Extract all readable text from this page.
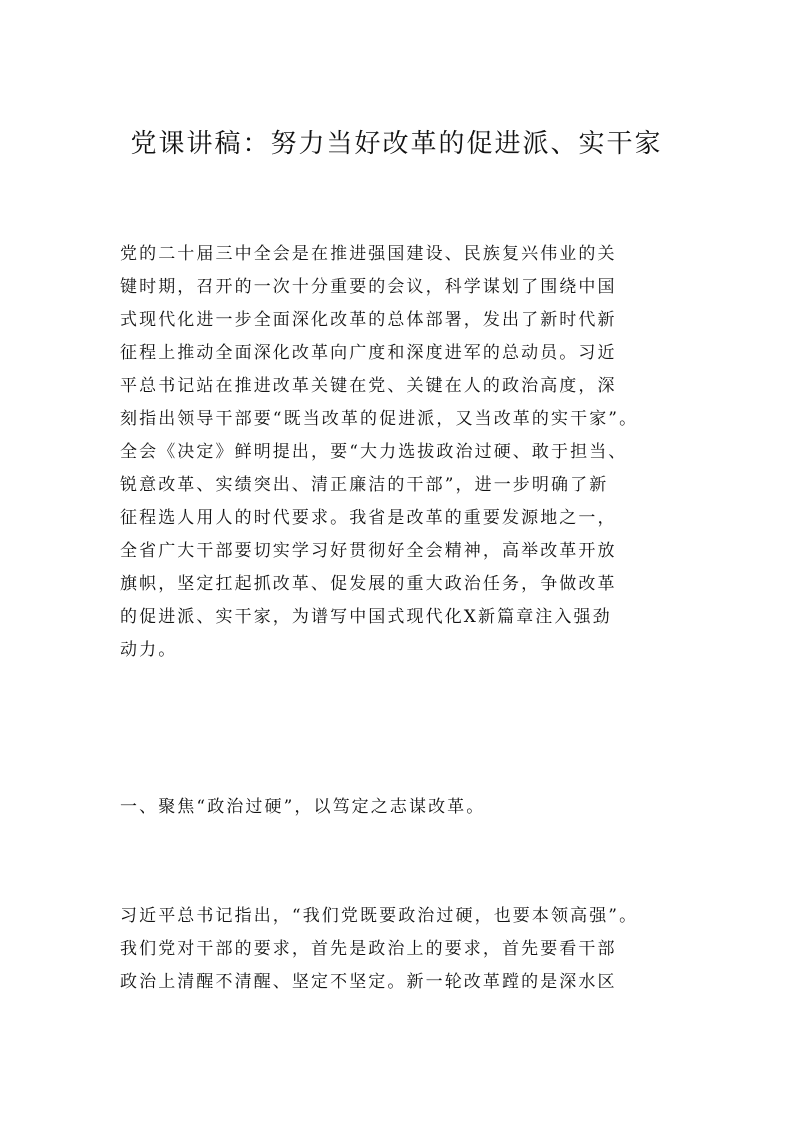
党课讲稿：努力当好改革的促进派、实干家
党的二十届三中全会是在推进强国建设、民族复兴伟业的关
键时期，召开的一次十分重要的会议，科学谋划了围绕中国
式现代化进一步全面深化改革的总体部署，发出了新时代新
征程上推动全面深化改革向广度和深度进军的总动员。习近
平总书记站在推进改革关键在党、关键在人的政治高度，深
刻指出领导干部要“既当改革的促进派，又当改革的实干家”。
全会《决定》鲜明提出，要“大力选拔政治过硬、敢于担当、
锐意改革、实绩突出、清正廉洁的干部”，进一步明确了新
征程选人用人的时代要求。我省是改革的重要发源地之一，
全省广大干部要切实学习好贯彻好全会精神，高举改革开放
旗帜，坚定扛起抓改革、促发展的重大政治任务，争做改革
的促进派、实干家，为谱写中国式现代化X新篇章注入强劲
动力。
一、聚焦“政治过硬”，以笃定之志谋改革。
习近平总书记指出，“我们党既要政治过硬，也要本领高强”。
我们党对干部的要求，首先是政治上的要求，首先要看干部
政治上清醒不清醒、坚定不坚定。新一轮改革蹚的是深水区
